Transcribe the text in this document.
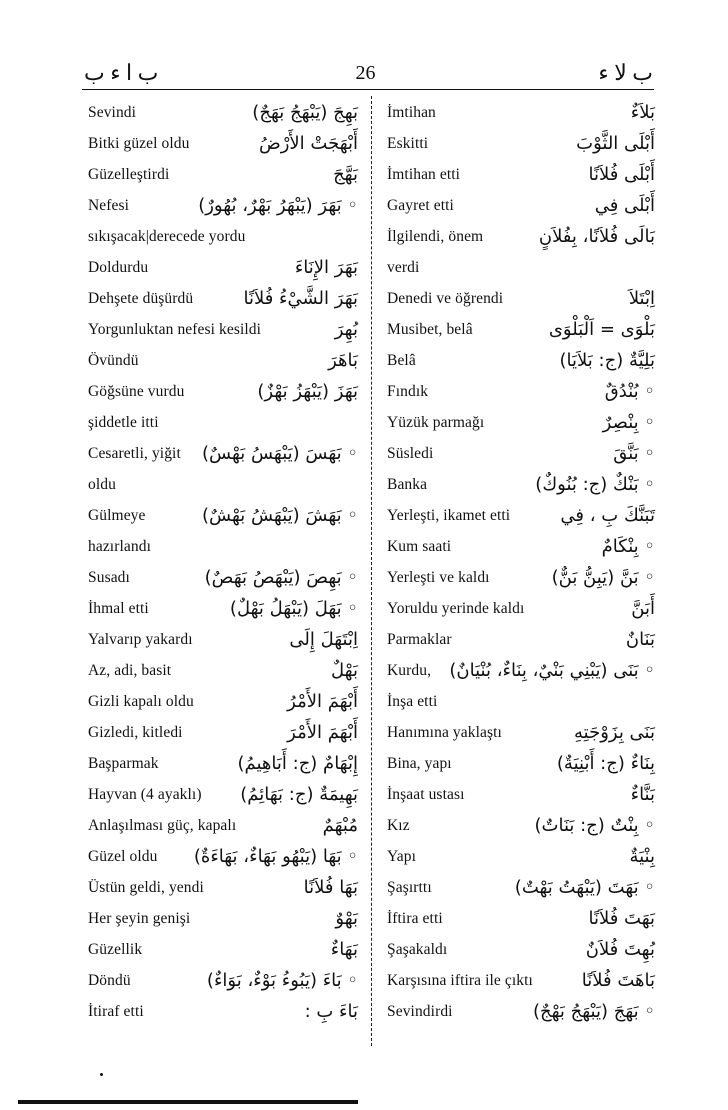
ب ا ء ب	26	ب لا ء
Sevindi	بَهِجَ (يَبْهَجُ بَهَجٌ)
Bitki güzel oldu	أَبْهَجَتْ الأَرْضُ
Güzelleştirdi	بَهَّجَ
Nefesi	◦ بَهَرَ (يَبْهَرُ بَهْرٌ، بُهُورٌ)
sıkışacak|derecede yordu
Doldurdu	بَهَرَ الإِنَاءَ
Dehşete düşürdü	بَهَرَ الشَّيْءُ فُلاَنًا
Yorgunluktan nefesi kesildi	بُهِرَ
Övündü	بَاهَرَ
Göğsüne vurdu	بَهَزَ (يَبْهَزُ بَهْزٌ)
şiddetle itti
Cesaretli, yiğit ◦ بَهَسَ (يَبْهَسُ بَهْسٌ)
oldu
Gülmeye	◦ بَهَشَ (يَبْهَشُ بَهْشٌ)
hazırlandı
Susadı	◦ بَهِصَ (يَبْهَصُ بَهَصٌ)
İhmal etti	◦ بَهَلَ (يَبْهَلُ بَهْلٌ)
Yalvarıp yakardı	اِبْتَهَلَ إِلَى
Az, adi, basit	بَهْلٌ
Gizli kapalı oldu	أَبْهَمَ الأَمْرُ
Gizledi, kitledi	أَبْهَمَ الأَمْرَ
Başparmak	إِبْهَامٌ (ج: أَبَاهِيمُ)
Hayvan (4 ayaklı) بَهِيمَةٌ (ج: بَهَائِمُ)
Anlaşılması güç, kapalı	مُبْهَمٌ
Güzel oldu ◦ بَهَا (يَبْهُو بَهَاءٌ، بَهَاءَةٌ)
Üstün geldi, yendi	بَهَا فُلاَنًا
Her şeyin genişi	بَهْوٌ
Güzellik	بَهَاءٌ
Döndü	◦ بَاءَ (يَبُوءُ بَوْءٌ، بَوَاءٌ)
İtiraf etti	بَاءَ بِ :
İmtihan	بَلاَءٌ
Eskitti	أَبْلَى الثَّوْبَ
İmtihan etti	أَبْلَى فُلاَنًا
Gayret etti	أَبْلَى فِي
İlgilendi, önem	بَالَى فُلاَنًا، بِفُلاَنٍ
verdi
Denedi ve öğrendi	اِبْتَلاَ
Musibet, belâ	بَلْوَى = اَلْبَلْوَى
Belâ	بَلِيَّةٌ (ج: بَلاَيَا)
Fındık	◦ بُنْدُقٌ
Yüzük parmağı	◦ بِنْصِرٌ
Süsledi	◦ بَنَّقَ
Banka	◦ بَنْكٌ (ج: بُنُوكٌ)
Yerleşti, ikamet etti	تَبَنَّكَ بِ ، فِي
Kum saati	◦ بِنْكَامٌ
Yerleşti ve kaldı	◦ بَنَّ (يَبِنُّ بَنٌّ)
Yoruldu yerinde kaldı	أَبَنَّ
Parmaklar	بَنَانٌ
Kurdu, ◦ بَنَى (يَبْنِي بَنْيٌ، بِنَاءٌ، بُنْيَانٌ)
İnşa etti
Hanımına yaklaştı	بَنَى بِزَوْجَتِهِ
Bina, yapı	بِنَاءٌ (ج: أَبْنِيَةٌ)
İnşaat ustası	بَنَّاءٌ
Kız	◦ بِنْتٌ (ج: بَنَاتٌ)
Yapı	بِنْيَةٌ
Şaşırttı	◦ بَهَتَ (يَبْهَتُ بَهْتٌ)
İftira etti	بَهَتَ فُلاَنًا
Şaşakaldı	بُهِتَ فُلاَنٌ
Karşısına iftira ile çıktı	بَاهَتَ فُلاَنًا
Sevindirdi	◦ بَهَجَ (يَبْهَجُ بَهْجٌ)
